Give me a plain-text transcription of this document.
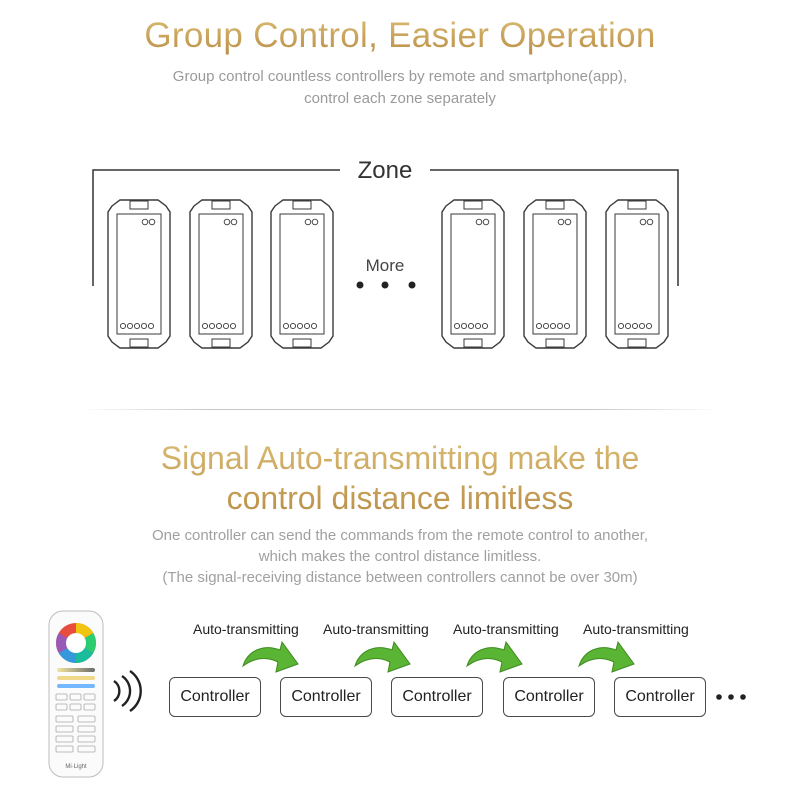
Group Control, Easier Operation
Group control countless controllers by remote and smartphone(app),
control each zone separately
Zone
More
Signal Auto-transmitting make the
control distance limitless
One controller can send the commands from the remote control to another,
which makes the control distance limitless.
(The signal-receiving distance between controllers cannot be over 30m)
Mi·Light
Auto-transmitting Auto-transmitting Auto-transmitting Auto-transmitting
Controller	Controller	Controller	Controller	Controller
